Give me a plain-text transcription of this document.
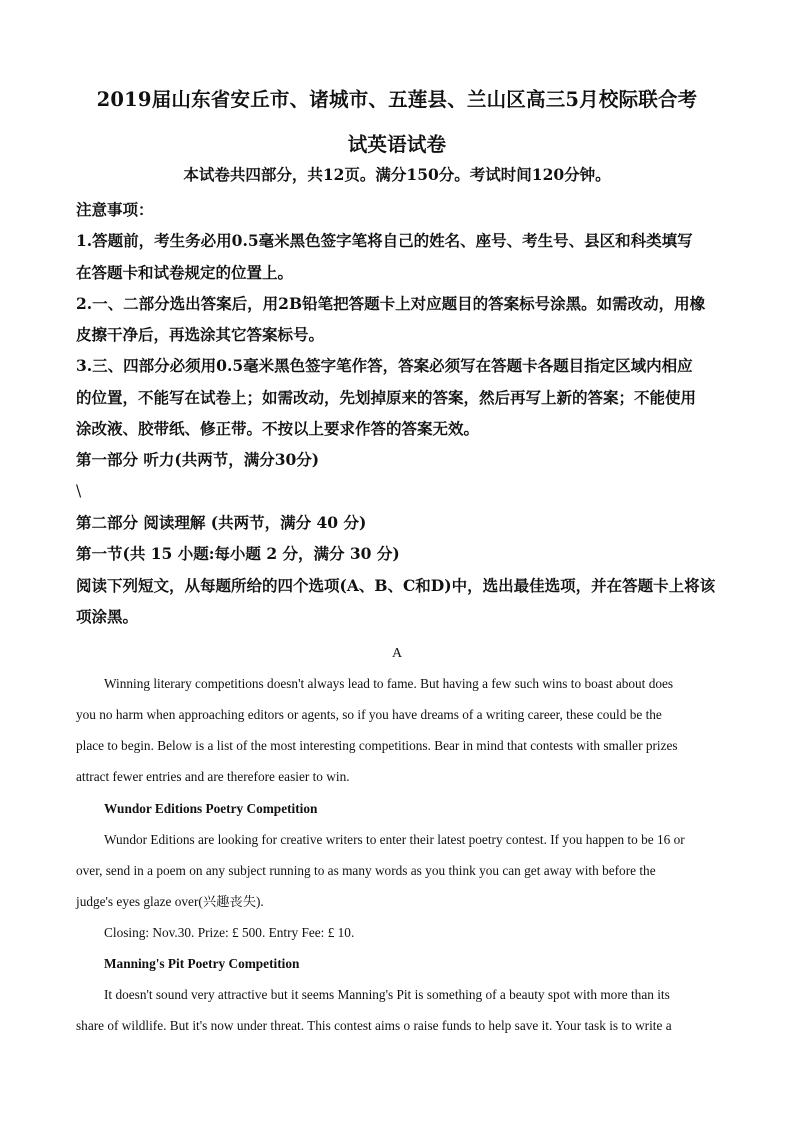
2019届山东省安丘市、诸城市、五莲县、兰山区高三5月校际联合考
试英语试卷
本试卷共四部分，共12页。满分150分。考试时间120分钟。
注意事项：
1.答题前，考生务必用0.5毫米黑色签字笔将自己的姓名、座号、考生号、县区和科类填写
在答题卡和试卷规定的位置上。
2.一、二部分选出答案后，用2B铅笔把答题卡上对应题目的答案标号涂黑。如需改动，用橡
皮擦干净后，再选涂其它答案标号。
3.三、四部分必须用0.5毫米黑色签字笔作答，答案必须写在答题卡各题目指定区域内相应
的位置，不能写在试卷上；如需改动，先划掉原来的答案，然后再写上新的答案；不能使用
涂改液、胶带纸、修正带。不按以上要求作答的答案无效。
第一部分 听力(共两节，满分30分)
\
第二部分 阅读理解 (共两节，满分 40 分)
第一节(共 15 小题:每小题 2 分，满分 30 分)
阅读下列短文，从每题所给的四个选项(A、B、C和D)中，选出最佳选项，并在答题卡上将该
项涂黑。
A
Winning literary competitions doesn't always lead to fame. But having a few such wins to boast about does
you no harm when approaching editors or agents, so if you have dreams of a writing career, these could be the
place to begin. Below is a list of the most interesting competitions. Bear in mind that contests with smaller prizes
attract fewer entries and are therefore easier to win.
Wundor Editions Poetry Competition
Wundor Editions are looking for creative writers to enter their latest poetry contest. If you happen to be 16 or
over, send in a poem on any subject running to as many words as you think you can get away with before the
judge's eyes glaze over(兴趣丧失).
Closing: Nov.30. Prize: £ 500. Entry Fee: £ 10.
Manning's Pit Poetry Competition
It doesn't sound very attractive but it seems Manning's Pit is something of a beauty spot with more than its
share of wildlife. But it's now under threat. This contest aims o raise funds to help save it. Your task is to write a
